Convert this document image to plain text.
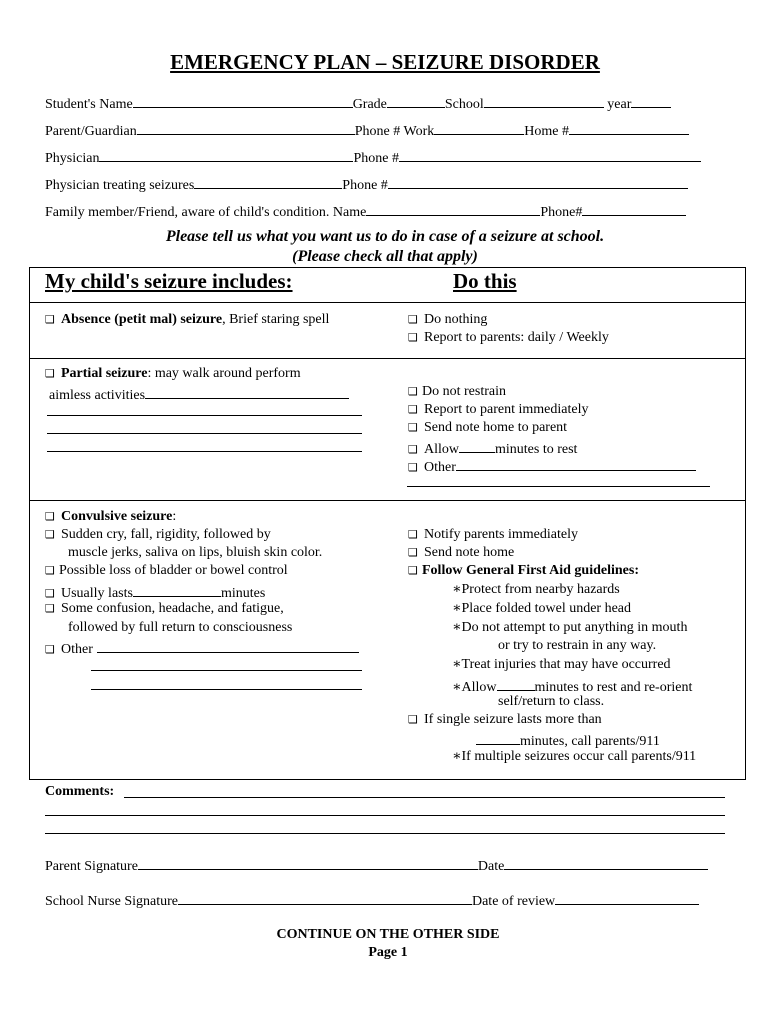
EMERGENCY PLAN – SEIZURE DISORDER
Student's Name	Grade	School	year
Parent/Guardian	Phone # Work	Home #
Physician	Phone #
Physician treating seizures	Phone #
Family member/Friend, aware of child's condition. Name	Phone#
Please tell us what you want us to do in case of a seizure at school.
(Please check all that apply)
My child's seizure includes:	Do this
❑ Absence (petit mal) seizure, Brief staring spell	❑ Do nothing
❑ Report to parents: daily / Weekly
❑ Partial seizure: may walk around perform
aimless activities	❑ Do not restrain
❑ Report to parent immediately
❑ Send note home to parent
❑ Allow	minutes to rest
❑ Other
❑ Convulsive seizure:
❑ Sudden cry, fall, rigidity, followed by
muscle jerks, saliva on lips, bluish skin color.
❑ Possible loss of bladder or bowel control
❑ Usually lasts	minutes
❑ Some confusion, headache, and fatigue,
followed by full return to consciousness
❑ Other
❑ Notify parents immediately
❑ Send note home
❑ Follow General First Aid guidelines:
∗Protect from nearby hazards
∗Place folded towel under head
∗Do not attempt to put anything in mouth
or try to restrain in any way.
∗Treat injuries that may have occurred
∗Allow	minutes to rest and re-orient
self/return to class.
❑ If single seizure lasts more than
minutes, call parents/911
∗If multiple seizures occur call parents/911
Comments:
Parent Signature	Date
School Nurse Signature	Date of review
CONTINUE ON THE OTHER SIDE
Page 1
